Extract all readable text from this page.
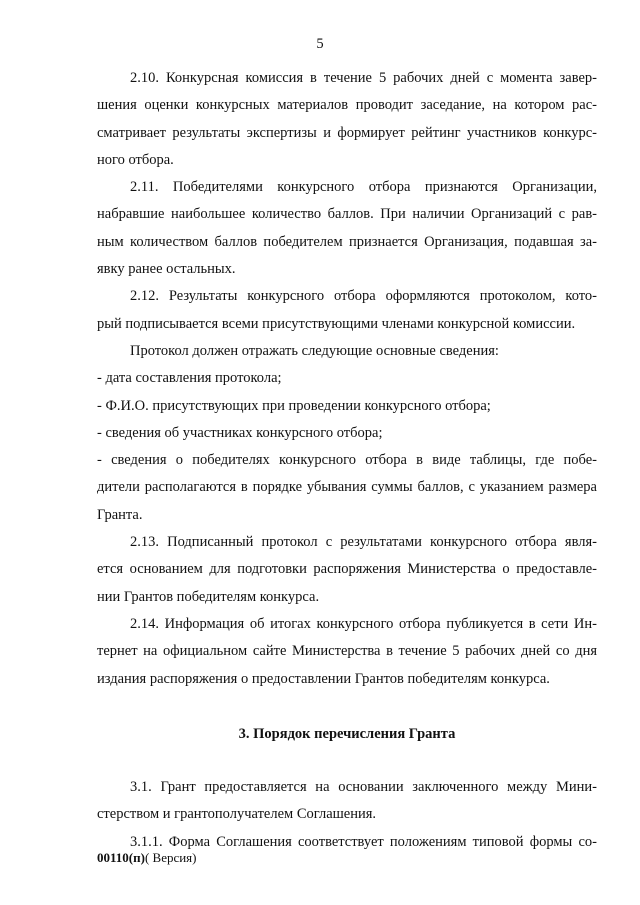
5
2.10. Конкурсная комиссия в течение 5 рабочих дней с момента завер-
шения оценки конкурсных материалов проводит заседание, на котором рас-
сматривает результаты экспертизы и формирует рейтинг участников конкурс-
ного отбора.
2.11. Победителями конкурсного отбора признаются Организации,
набравшие наибольшее количество баллов. При наличии Организаций с рав-
ным количеством баллов победителем признается Организация, подавшая за-
явку ранее остальных.
2.12. Результаты конкурсного отбора оформляются протоколом, кото-
рый подписывается всеми присутствующими членами конкурсной комиссии.
Протокол должен отражать следующие основные сведения:
- дата составления протокола;
- Ф.И.О. присутствующих при проведении конкурсного отбора;
- сведения об участниках конкурсного отбора;
- сведения о победителях конкурсного отбора в виде таблицы, где побе-
дители располагаются в порядке убывания суммы баллов, с указанием размера
Гранта.
2.13. Подписанный протокол с результатами конкурсного отбора явля-
ется основанием для подготовки распоряжения Министерства о предоставле-
нии Грантов победителям конкурса.
2.14. Информация об итогах конкурсного отбора публикуется в сети Ин-
тернет на официальном сайте Министерства в течение 5 рабочих дней со дня
издания распоряжения о предоставлении Грантов победителям конкурса.
3. Порядок перечисления Гранта
3.1. Грант предоставляется на основании заключенного между Мини-
стерством и грантополучателем Соглашения.
3.1.1. Форма Соглашения соответствует положениям типовой формы со-
00110(п)( Версия)
